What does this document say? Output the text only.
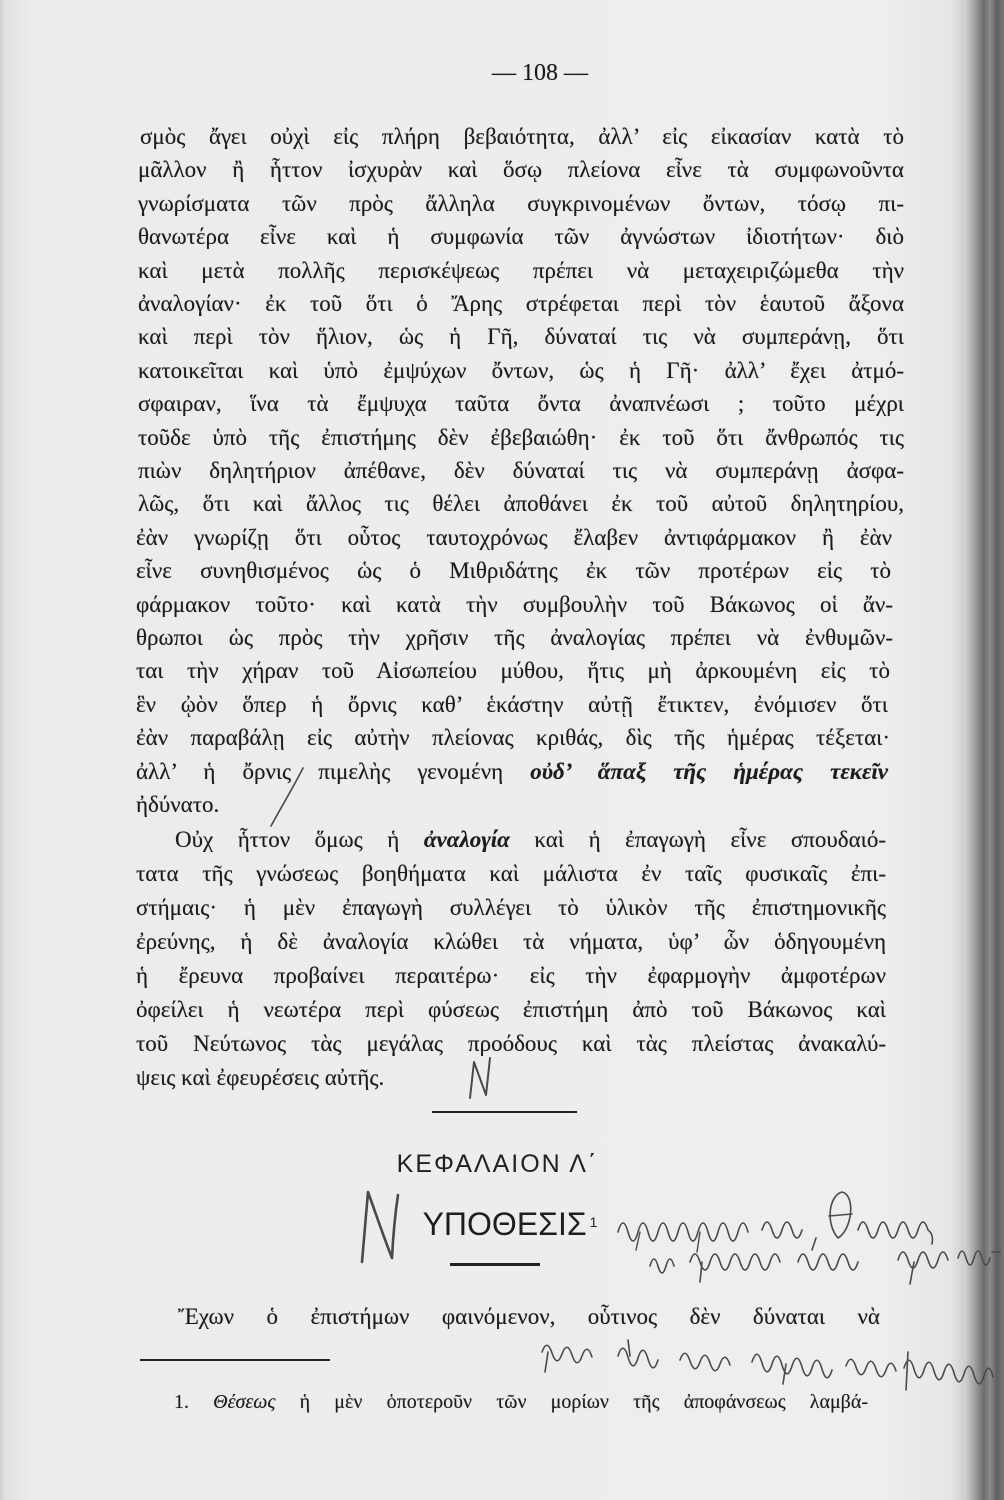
— 108 —
σμὸς ἄγει οὐχὶ εἰς πλήρη βεβαιότητα, ἀλλ’ εἰς εἰκασίαν κατὰ τὸ
μᾶλλον ἢ ἧττον ἰσχυρὰν καὶ ὅσῳ πλείονα εἶνε τὰ συμφωνοῦντα
γνωρίσματα τῶν πρὸς ἄλληλα συγκρινομένων ὄντων, τόσῳ πι-
θανωτέρα εἶνε καὶ ἡ συμφωνία τῶν ἀγνώστων ἰδιοτήτων· διὸ
καὶ μετὰ πολλῆς περισκέψεως πρέπει νὰ μεταχειριζώμεθα τὴν
ἀναλογίαν· ἐκ τοῦ ὅτι ὁ Ἄρης στρέφεται περὶ τὸν ἑαυτοῦ ἄξονα
καὶ περὶ τὸν ἥλιον, ὡς ἡ Γῆ, δύναταί τις νὰ συμπεράνῃ, ὅτι
κατοικεῖται καὶ ὑπὸ ἐμψύχων ὄντων, ὡς ἡ Γῆ· ἀλλ’ ἔχει ἀτμό-
σφαιραν, ἵνα τὰ ἔμψυχα ταῦτα ὄντα ἀναπνέωσι ; τοῦτο μέχρι
τοῦδε ὑπὸ τῆς ἐπιστήμης δὲν ἐβεβαιώθη· ἐκ τοῦ ὅτι ἄνθρωπός τις
πιὼν δηλητήριον ἀπέθανε, δὲν δύναταί τις νὰ συμπεράνῃ ἀσφα-
λῶς, ὅτι καὶ ἄλλος τις θέλει ἀποθάνει ἐκ τοῦ αὐτοῦ δηλητηρίου,
ἐὰν γνωρίζῃ ὅτι οὗτος ταυτοχρόνως ἔλαβεν ἀντιφάρμακον ἢ ἐὰν
εἶνε συνηθισμένος ὡς ὁ Μιθριδάτης ἐκ τῶν προτέρων εἰς τὸ
φάρμακον τοῦτο· καὶ κατὰ τὴν συμβουλὴν τοῦ Βάκωνος οἱ ἄν-
θρωποι ὡς πρὸς τὴν χρῆσιν τῆς ἀναλογίας πρέπει νὰ ἐνθυμῶν-
ται τὴν χήραν τοῦ Αἰσωπείου μύθου, ἥτις μὴ ἀρκουμένη εἰς τὸ
ἓν ᾠὸν ὅπερ ἡ ὄρνις καθ’ ἑκάστην αὐτῇ ἔτικτεν, ἐνόμισεν ὅτι
ἐὰν παραβάλῃ εἰς αὐτὴν πλείονας κριθάς, δὶς τῆς ἡμέρας τέξεται·
ἀλλ’ ἡ ὄρνις πιμελὴς γενομένη οὐδ’ ἅπαξ τῆς ἡμέρας τεκεῖν
ἠδύνατο.
Οὐχ ἧττον ὅμως ἡ ἀναλογία καὶ ἡ ἐπαγωγὴ εἶνε σπουδαιό-
τατα τῆς γνώσεως βοηθήματα καὶ μάλιστα ἐν ταῖς φυσικαῖς ἐπι-
στήμαις· ἡ μὲν ἐπαγωγὴ συλλέγει τὸ ὑλικὸν τῆς ἐπιστημονικῆς
ἐρεύνης, ἡ δὲ ἀναλογία κλώθει τὰ νήματα, ὑφ’ ὧν ὁδηγουμένη
ἡ ἔρευνα προβαίνει περαιτέρω· εἰς τὴν ἐφαρμογὴν ἀμφοτέρων
ὀφείλει ἡ νεωτέρα περὶ φύσεως ἐπιστήμη ἀπὸ τοῦ Βάκωνος καὶ
τοῦ Νεύτωνος τὰς μεγάλας προόδους καὶ τὰς πλείστας ἀνακαλύ-
ψεις καὶ ἐφευρέσεις αὐτῆς.
ΚΕΦΑΛΑΙΟΝ Λ΄
ΥΠΟΘΕΣΙΣ $^1$
Ἔχων ὁ ἐπιστήμων φαινόμενον, οὗτινος δὲν δύναται νὰ
1. Θέσεως ἡ μὲν ὁποτεροῦν τῶν μορίων τῆς ἀποφάνσεως λαμβά-
